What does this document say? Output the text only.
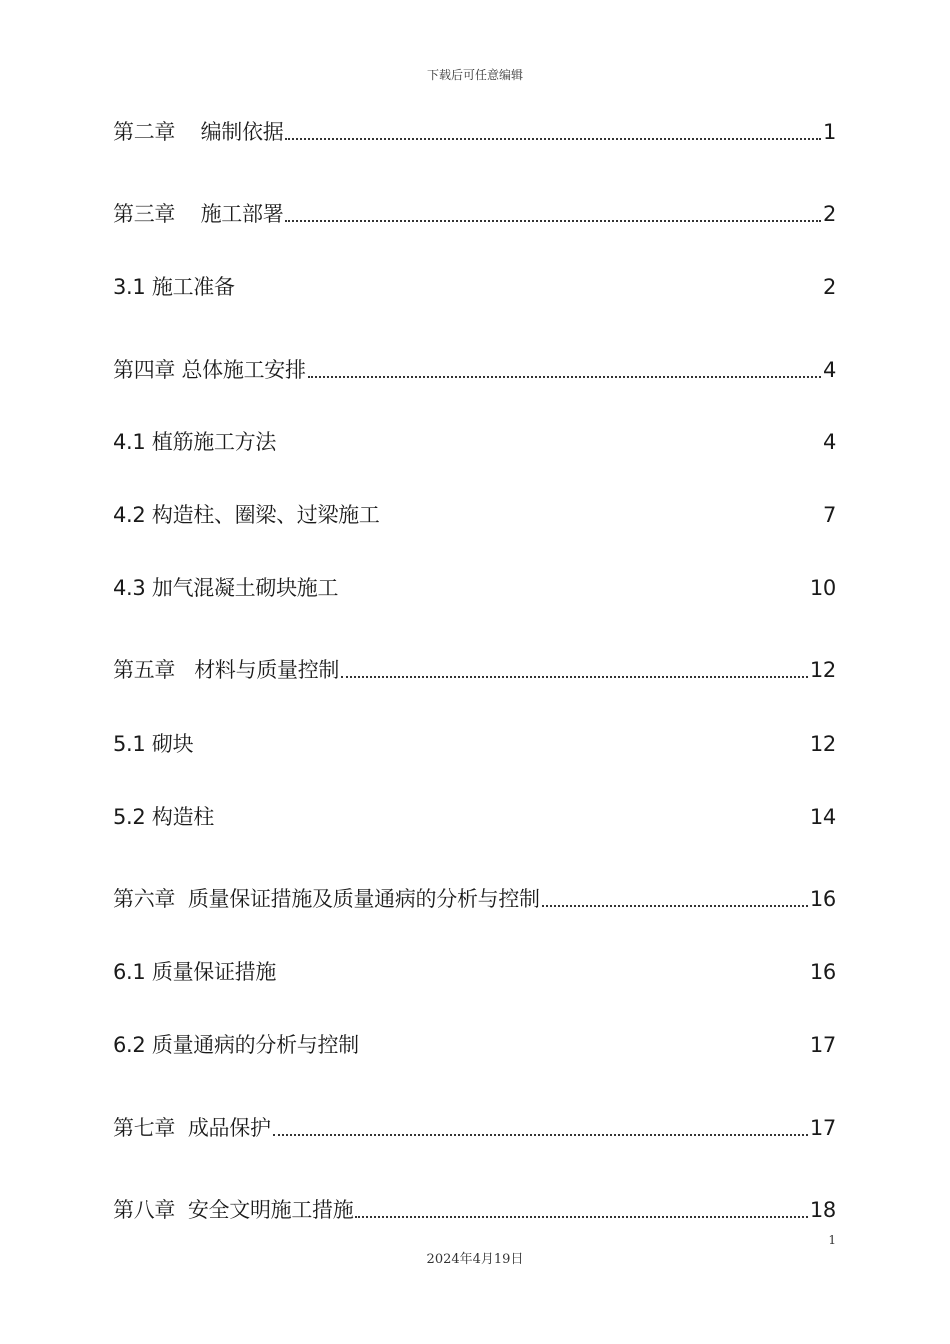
下载后可任意编辑
第二章    编制依据	1
第三章    施工部署	2
3.1 施工准备	2
第四章 总体施工安排	4
4.1 植筋施工方法	4
4.2 构造柱、圈梁、过梁施工	7
4.3 加气混凝土砌块施工	10
第五章   材料与质量控制	12
5.1 砌块	12
5.2 构造柱	14
第六章  质量保证措施及质量通病的分析与控制	16
6.1 质量保证措施	16
6.2 质量通病的分析与控制	17
第七章  成品保护	17
第八章  安全文明施工措施	18
1
2024年4月19日
